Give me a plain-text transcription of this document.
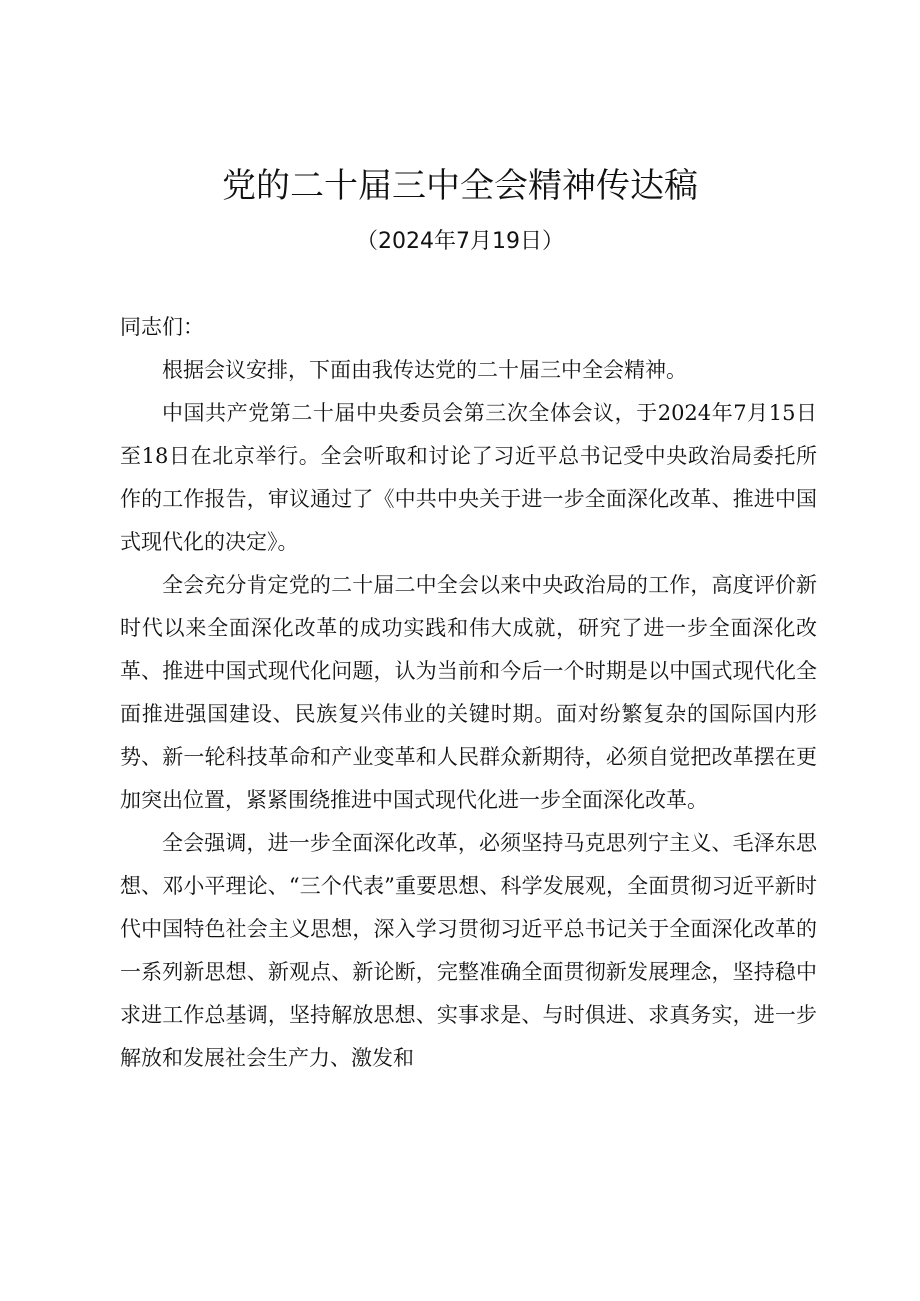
党的二十届三中全会精神传达稿
（2024年7月19日）

同志们：

根据会议安排，下面由我传达党的二十届三中全会精神。

中国共产党第二十届中央委员会第三次全体会议，于2024年7月15日至18日在北京举行。全会听取和讨论了习近平总书记受中央政治局委托所作的工作报告，审议通过了《中共中央关于进一步全面深化改革、推进中国式现代化的决定》。

全会充分肯定党的二十届二中全会以来中央政治局的工作，高度评价新时代以来全面深化改革的成功实践和伟大成就，研究了进一步全面深化改革、推进中国式现代化问题，认为当前和今后一个时期是以中国式现代化全面推进强国建设、民族复兴伟业的关键时期。面对纷繁复杂的国际国内形势、新一轮科技革命和产业变革和人民群众新期待，必须自觉把改革摆在更加突出位置，紧紧围绕推进中国式现代化进一步全面深化改革。

全会强调，进一步全面深化改革，必须坚持马克思列宁主义、毛泽东思想、邓小平理论、“三个代表”重要思想、科学发展观，全面贯彻习近平新时代中国特色社会主义思想，深入学习贯彻习近平总书记关于全面深化改革的一系列新思想、新观点、新论断，完整准确全面贯彻新发展理念，坚持稳中求进工作总基调，坚持解放思想、实事求是、与时俱进、求真务实，进一步解放和发展社会生产力、激发和
